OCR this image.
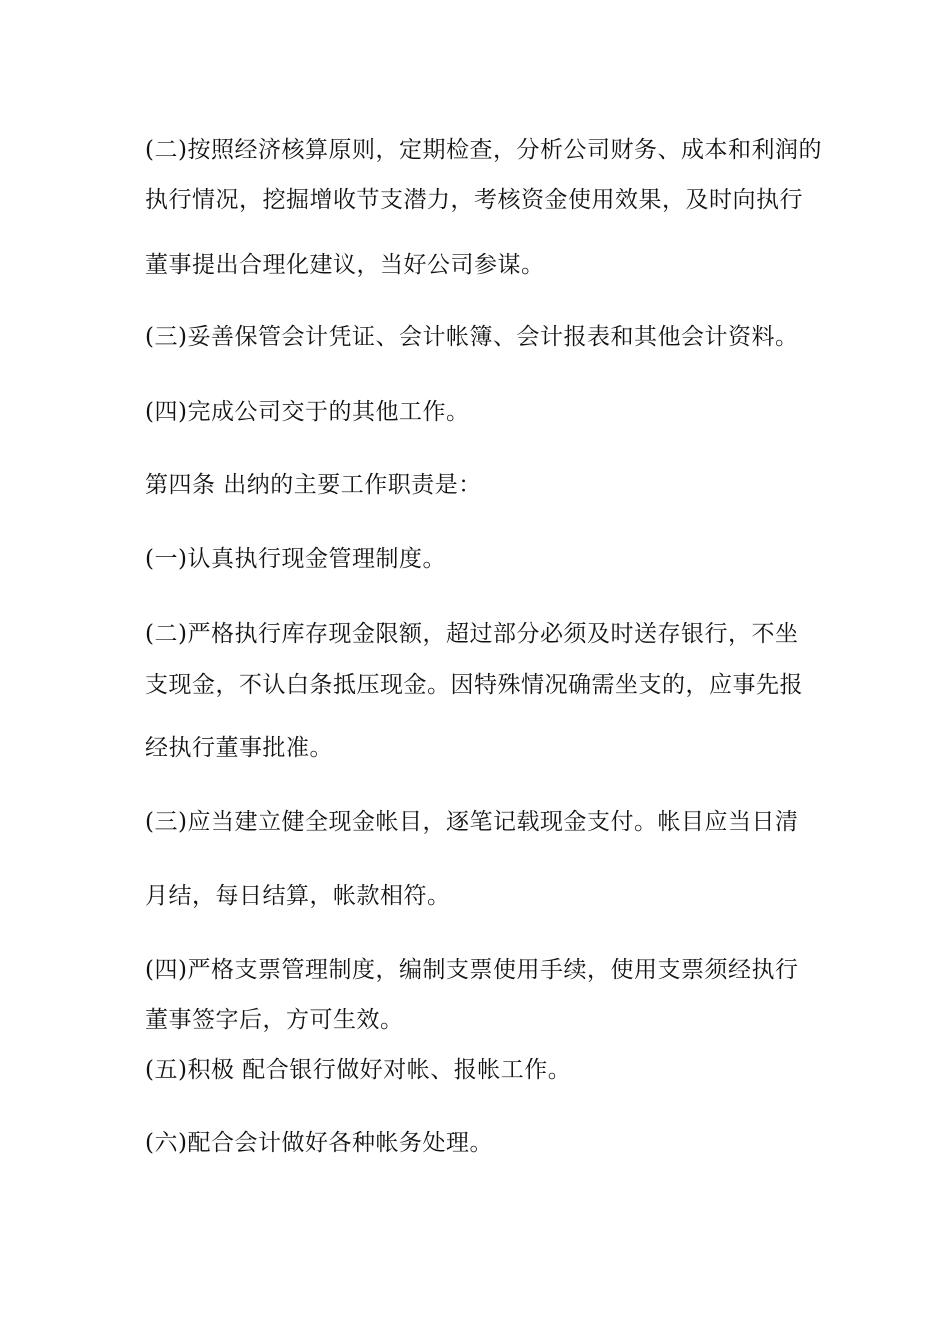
(二)按照经济核算原则，定期检查，分析公司财务、成本和利润的
执行情况，挖掘增收节支潜力，考核资金使用效果，及时向执行
董事提出合理化建议，当好公司参谋。
(三)妥善保管会计凭证、会计帐簿、会计报表和其他会计资料。
(四)完成公司交于的其他工作。
第四条 出纳的主要工作职责是：
(一)认真执行现金管理制度。
(二)严格执行库存现金限额，超过部分必须及时送存银行，不坐
支现金，不认白条抵压现金。因特殊情况确需坐支的，应事先报
经执行董事批准。
(三)应当建立健全现金帐目，逐笔记载现金支付。帐目应当日清
月结，每日结算，帐款相符。
(四)严格支票管理制度，编制支票使用手续，使用支票须经执行
董事签字后，方可生效。
(五)积极 配合银行做好对帐、报帐工作。
(六)配合会计做好各种帐务处理。
